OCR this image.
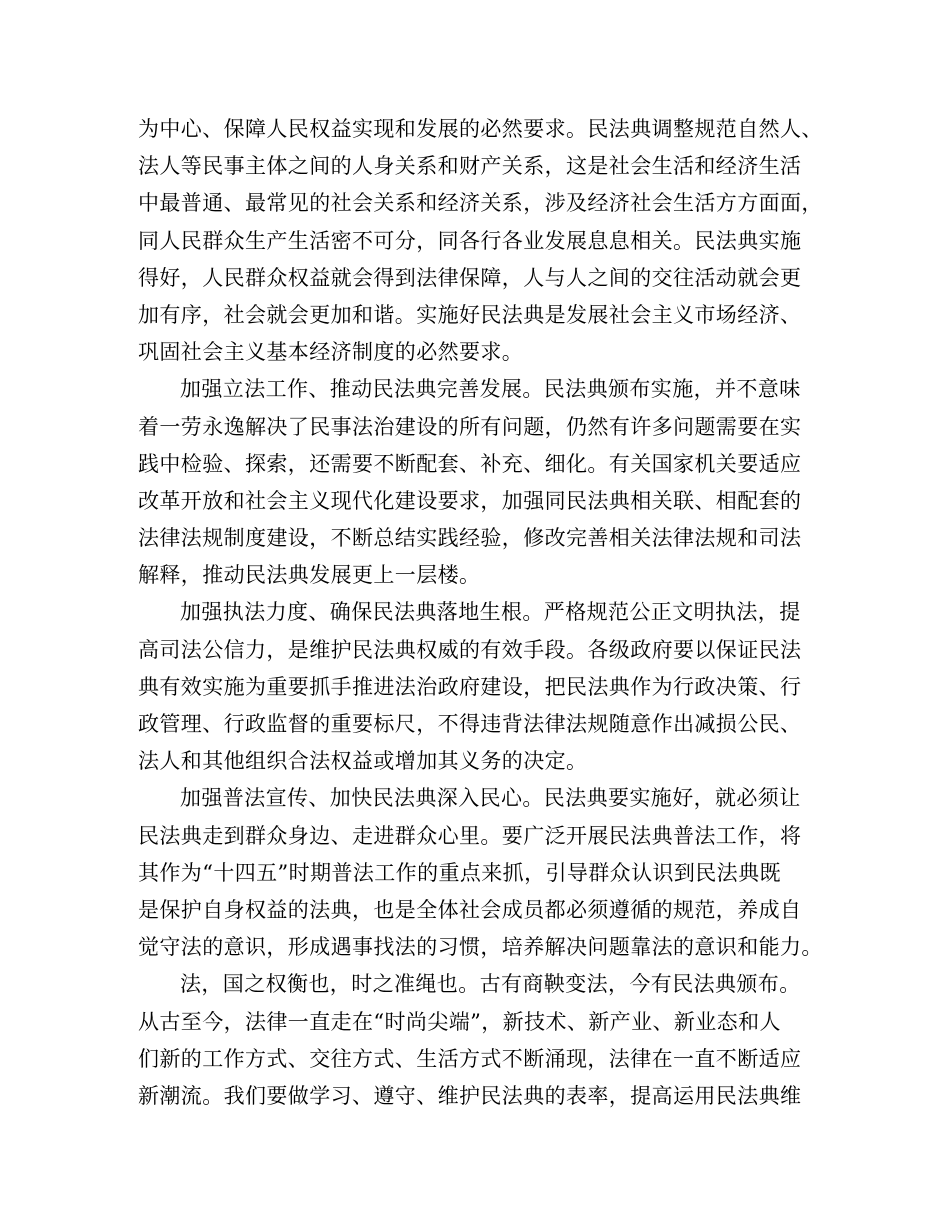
为中心、保障人民权益实现和发展的必然要求。民法典调整规范自然人、
法人等民事主体之间的人身关系和财产关系，这是社会生活和经济生活
中最普通、最常见的社会关系和经济关系，涉及经济社会生活方方面面，
同人民群众生产生活密不可分，同各行各业发展息息相关。民法典实施
得好，人民群众权益就会得到法律保障，人与人之间的交往活动就会更
加有序，社会就会更加和谐。实施好民法典是发展社会主义市场经济、
巩固社会主义基本经济制度的必然要求。
加强立法工作、推动民法典完善发展。民法典颁布实施，并不意味
着一劳永逸解决了民事法治建设的所有问题，仍然有许多问题需要在实
践中检验、探索，还需要不断配套、补充、细化。有关国家机关要适应
改革开放和社会主义现代化建设要求，加强同民法典相关联、相配套的
法律法规制度建设，不断总结实践经验，修改完善相关法律法规和司法
解释，推动民法典发展更上一层楼。
加强执法力度、确保民法典落地生根。严格规范公正文明执法，提
高司法公信力，是维护民法典权威的有效手段。各级政府要以保证民法
典有效实施为重要抓手推进法治政府建设，把民法典作为行政决策、行
政管理、行政监督的重要标尺，不得违背法律法规随意作出减损公民、
法人和其他组织合法权益或增加其义务的决定。
加强普法宣传、加快民法典深入民心。民法典要实施好，就必须让
民法典走到群众身边、走进群众心里。要广泛开展民法典普法工作，将
其作为“十四五”时期普法工作的重点来抓，引导群众认识到民法典既
是保护自身权益的法典，也是全体社会成员都必须遵循的规范，养成自
觉守法的意识，形成遇事找法的习惯，培养解决问题靠法的意识和能力。
法，国之权衡也，时之准绳也。古有商鞅变法，今有民法典颁布。
从古至今，法律一直走在“时尚尖端”，新技术、新产业、新业态和人
们新的工作方式、交往方式、生活方式不断涌现，法律在一直不断适应
新潮流。我们要做学习、遵守、维护民法典的表率，提高运用民法典维
